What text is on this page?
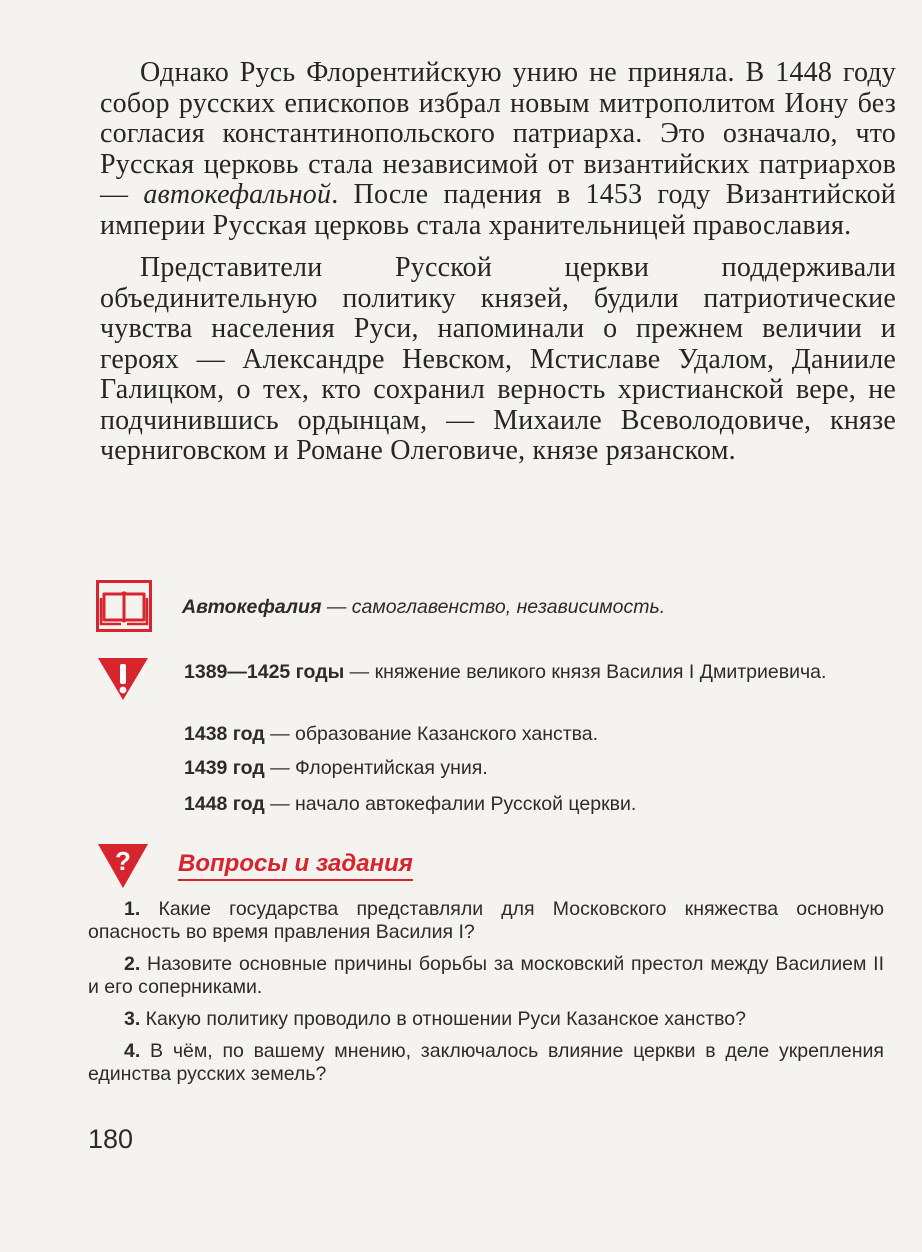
Однако Русь Флорентийскую унию не приняла. В 1448 году собор русских епископов избрал новым митрополитом Иону без согласия константинопольского патриарха. Это означало, что Русская церковь стала независимой от византийских патриархов — автокефальной. После падения в 1453 году Византийской империи Русская церковь стала хранительницей православия.

Представители Русской церкви поддерживали объединительную политику князей, будили патриотические чувства населения Руси, напоминали о прежнем величии и героях — Александре Невском, Мстиславе Удалом, Данииле Галицком, о тех, кто сохранил верность христианской вере, не подчинившись ордынцам, — Михаиле Всеволодовиче, князе черниговском и Романе Олеговиче, князе рязанском.

Автокефалия — самоглавенство, независимость.
1389—1425 годы — княжение великого князя Василия I Дмитриевича.
1438 год — образование Казанского ханства.
1439 год — Флорентийская уния.
1448 год — начало автокефалии Русской церкви.
? Вопросы и задания

1. Какие государства представляли для Московского княжества основную опасность во время правления Василия I?

2. Назовите основные причины борьбы за московский престол между Василием II и его соперниками.

3. Какую политику проводило в отношении Руси Казанское ханство?

4. В чём, по вашему мнению, заключалось влияние церкви в деле укрепления единства русских земель?

180
